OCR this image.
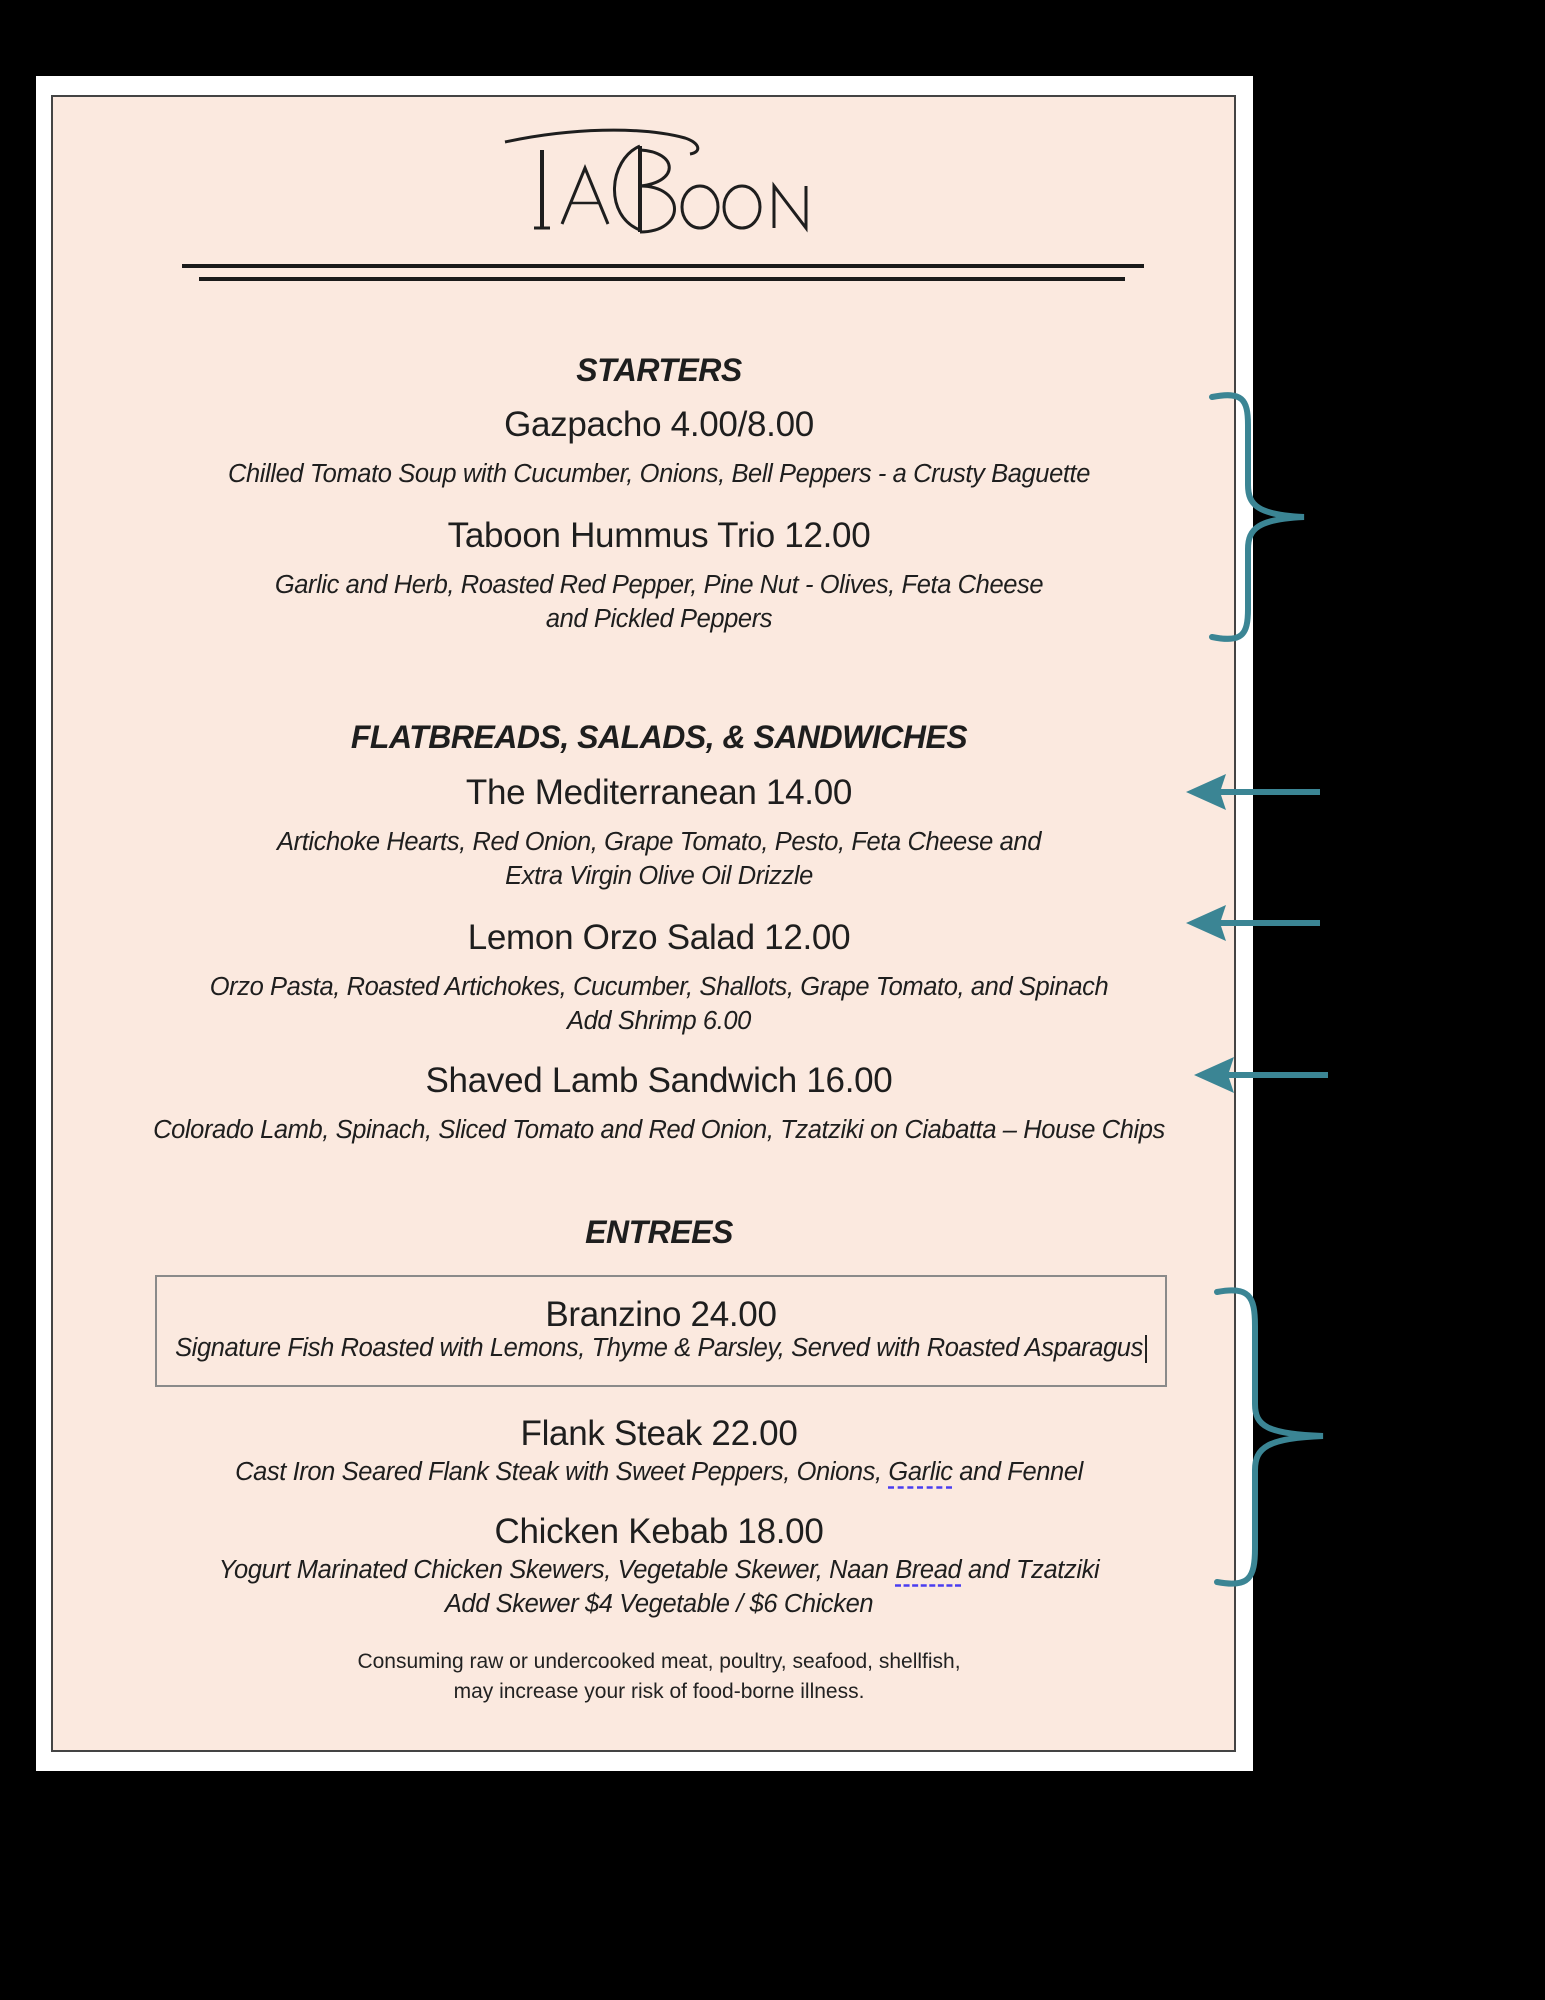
STARTERS
Gazpacho 4.00/8.00
Chilled Tomato Soup with Cucumber, Onions, Bell Peppers - a Crusty Baguette
Taboon Hummus Trio 12.00
Garlic and Herb, Roasted Red Pepper, Pine Nut - Olives, Feta Cheese
and Pickled Peppers
FLATBREADS, SALADS, & SANDWICHES
The Mediterranean 14.00
Artichoke Hearts, Red Onion, Grape Tomato, Pesto, Feta Cheese and
Extra Virgin Olive Oil Drizzle
Lemon Orzo Salad 12.00
Orzo Pasta, Roasted Artichokes, Cucumber, Shallots, Grape Tomato, and Spinach
Add Shrimp 6.00
Shaved Lamb Sandwich 16.00
Colorado Lamb, Spinach, Sliced Tomato and Red Onion, Tzatziki on Ciabatta – House Chips
ENTREES
Branzino 24.00
Signature Fish Roasted with Lemons, Thyme & Parsley, Served with Roasted Asparagus
Flank Steak 22.00
Cast Iron Seared Flank Steak with Sweet Peppers, Onions, Garlic and Fennel
Chicken Kebab 18.00
Yogurt Marinated Chicken Skewers, Vegetable Skewer, Naan Bread and Tzatziki
Add Skewer $4 Vegetable / $6 Chicken
Consuming raw or undercooked meat, poultry, seafood, shellfish,
may increase your risk of food-borne illness.
